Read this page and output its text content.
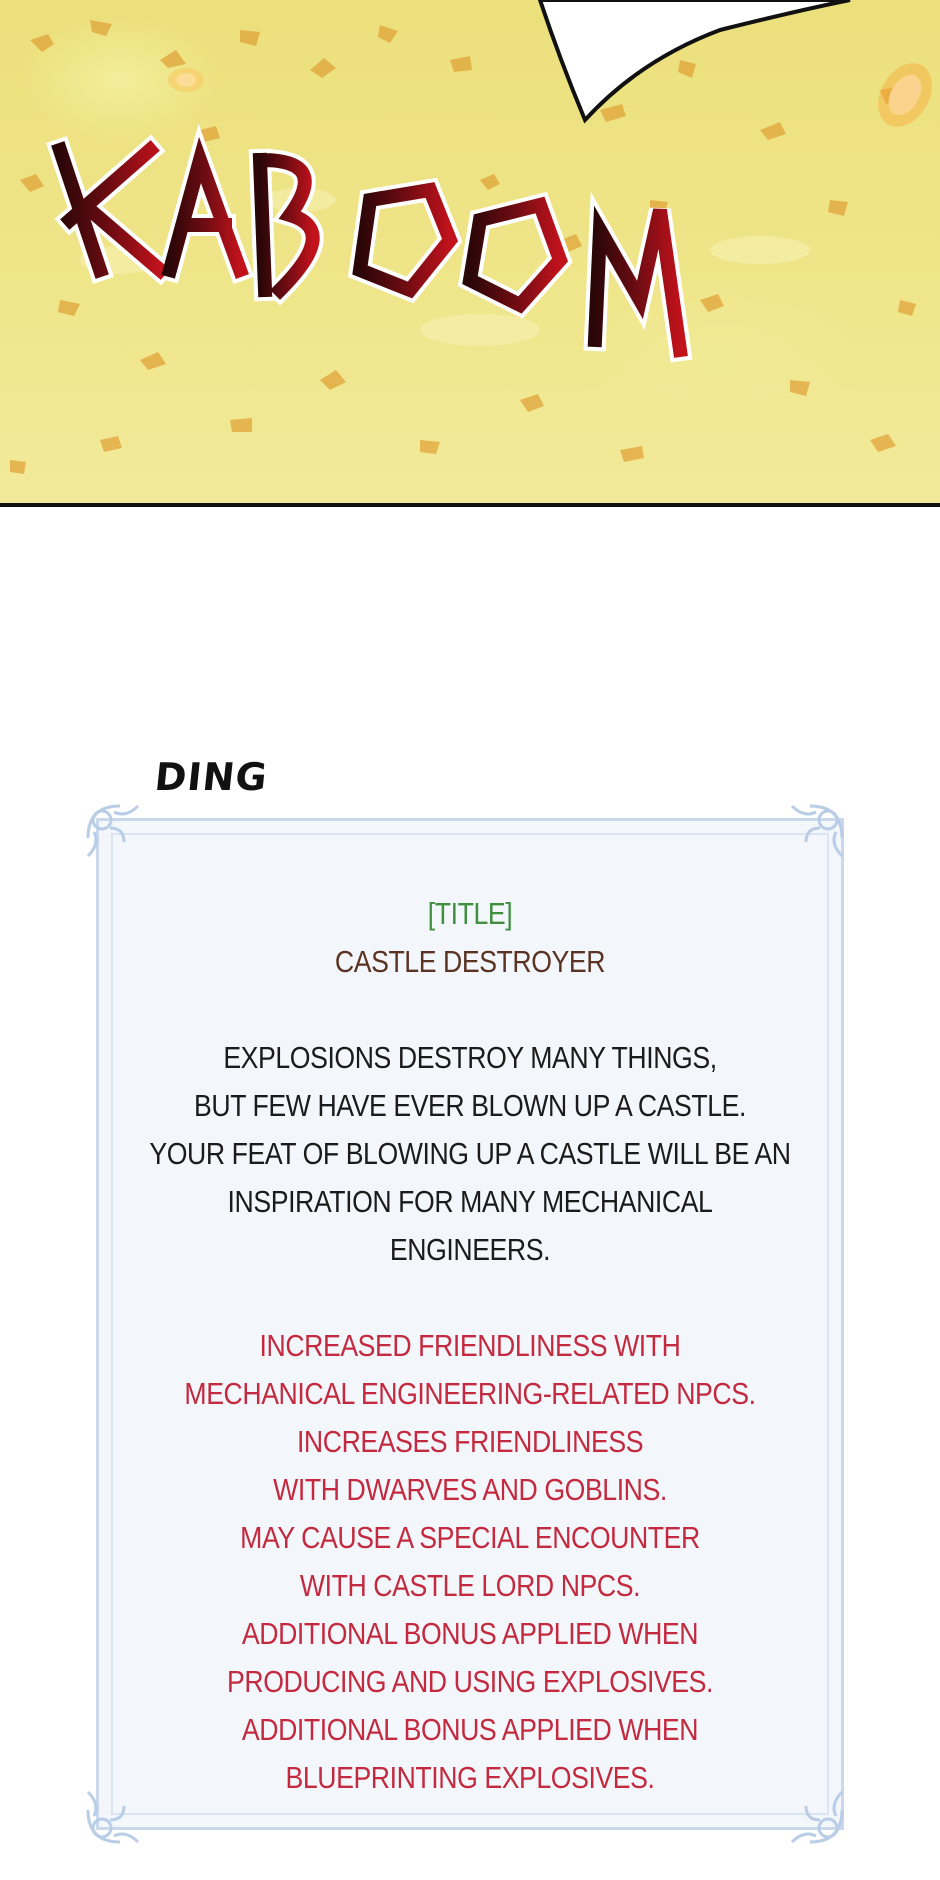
DING
[TITLE]
CASTLE DESTROYER
EXPLOSIONS DESTROY MANY THINGS,
BUT FEW HAVE EVER BLOWN UP A CASTLE.
YOUR FEAT OF BLOWING UP A CASTLE WILL BE AN
INSPIRATION FOR MANY MECHANICAL ENGINEERS.
INCREASED FRIENDLINESS WITH
MECHANICAL ENGINEERING-RELATED NPCS.
INCREASES FRIENDLINESS
WITH DWARVES AND GOBLINS.
MAY CAUSE A SPECIAL ENCOUNTER
WITH CASTLE LORD NPCS.
ADDITIONAL BONUS APPLIED WHEN
PRODUCING AND USING EXPLOSIVES.
ADDITIONAL BONUS APPLIED WHEN
BLUEPRINTING EXPLOSIVES.
